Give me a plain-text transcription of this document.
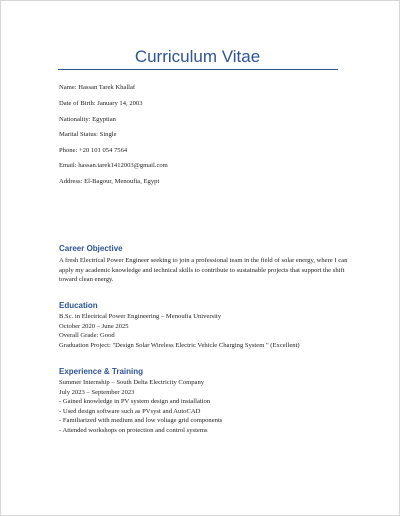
Curriculum Vitae
Name: Hassan Tarek Khallaf
Date of Birth: January 14, 2003
Nationality: Egyptian
Marital Status: Single
Phone: +20 101 054 7564
Email: hassan.tarek1412003@gmail.com
Address: El-Bagour, Menoufia, Egypt
Career Objective
A fresh Electrical Power Engineer seeking to join a professional team in the field of solar energy, where I can apply my academic knowledge and technical skills to contribute to sustainable projects that support the shift toward clean energy.
Education
B.Sc. in Electrical Power Engineering – Menoufia University
October 2020 – June 2025
Overall Grade: Good
Graduation Project: "Design Solar Wireless Electric Vehicle Charging System " (Excellent)
Experience & Training
Summer Internship – South Delta Electricity Company
July 2023 – September 2023
- Gained knowledge in PV system design and installation
- Used design software such as PVsyst and AutoCAD
- Familiarized with medium and low voltage grid components
- Attended workshops on protection and control systems
